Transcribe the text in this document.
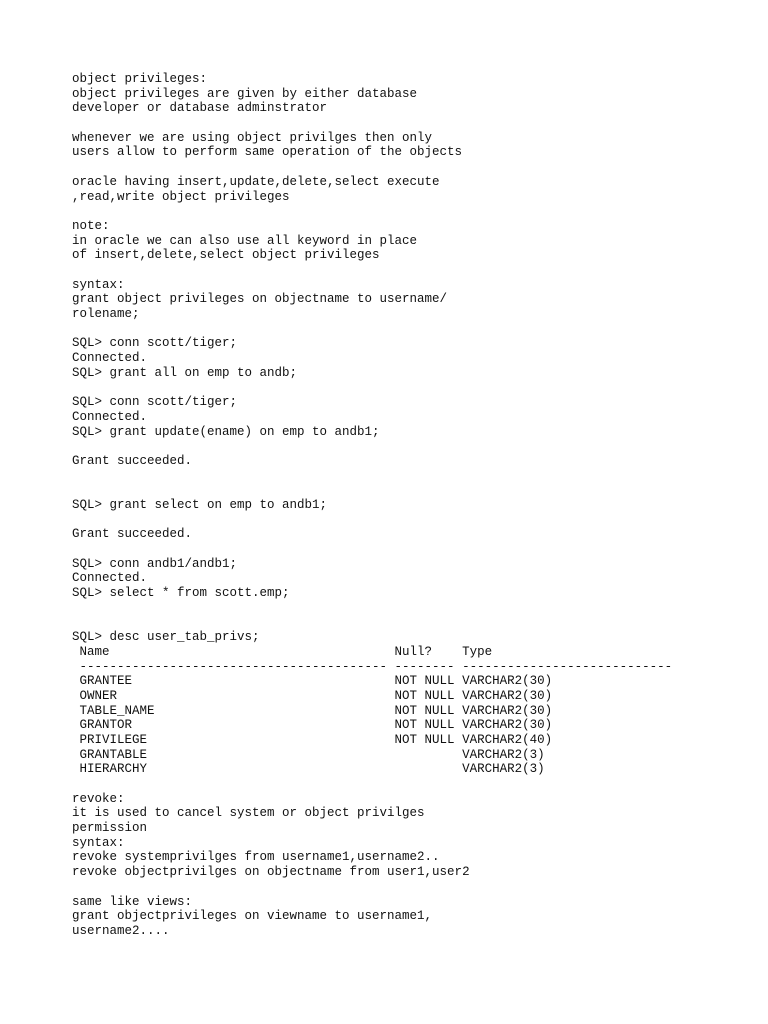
object privileges:
object privileges are given by either database
developer or database adminstrator
whenever we are using object privilges then only
users allow to perform same operation of the objects
oracle having insert,update,delete,select execute
,read,write object privileges
note:
in oracle we can also use all keyword in place
of insert,delete,select object privileges
syntax:
grant object privileges on objectname to username/
rolename;
SQL> conn scott/tiger;
Connected.
SQL> grant all on emp to andb;
SQL> conn scott/tiger;
Connected.
SQL> grant update(ename) on emp to andb1;
Grant succeeded.
SQL> grant select on emp to andb1;
Grant succeeded.
SQL> conn andb1/andb1;
Connected.
SQL> select * from scott.emp;
SQL> desc user_tab_privs;
Name                                      Null?    Type
----------------------------------------- -------- ----------------------------
GRANTEE                                   NOT NULL VARCHAR2(30)
OWNER                                     NOT NULL VARCHAR2(30)
TABLE_NAME                                NOT NULL VARCHAR2(30)
GRANTOR                                   NOT NULL VARCHAR2(30)
PRIVILEGE                                 NOT NULL VARCHAR2(40)
GRANTABLE                                          VARCHAR2(3)
HIERARCHY                                          VARCHAR2(3)
revoke:
it is used to cancel system or object privilges
permission
syntax:
revoke systemprivilges from username1,username2..
revoke objectprivilges on objectname from user1,user2
same like views:
grant objectprivileges on viewname to username1,
username2....
